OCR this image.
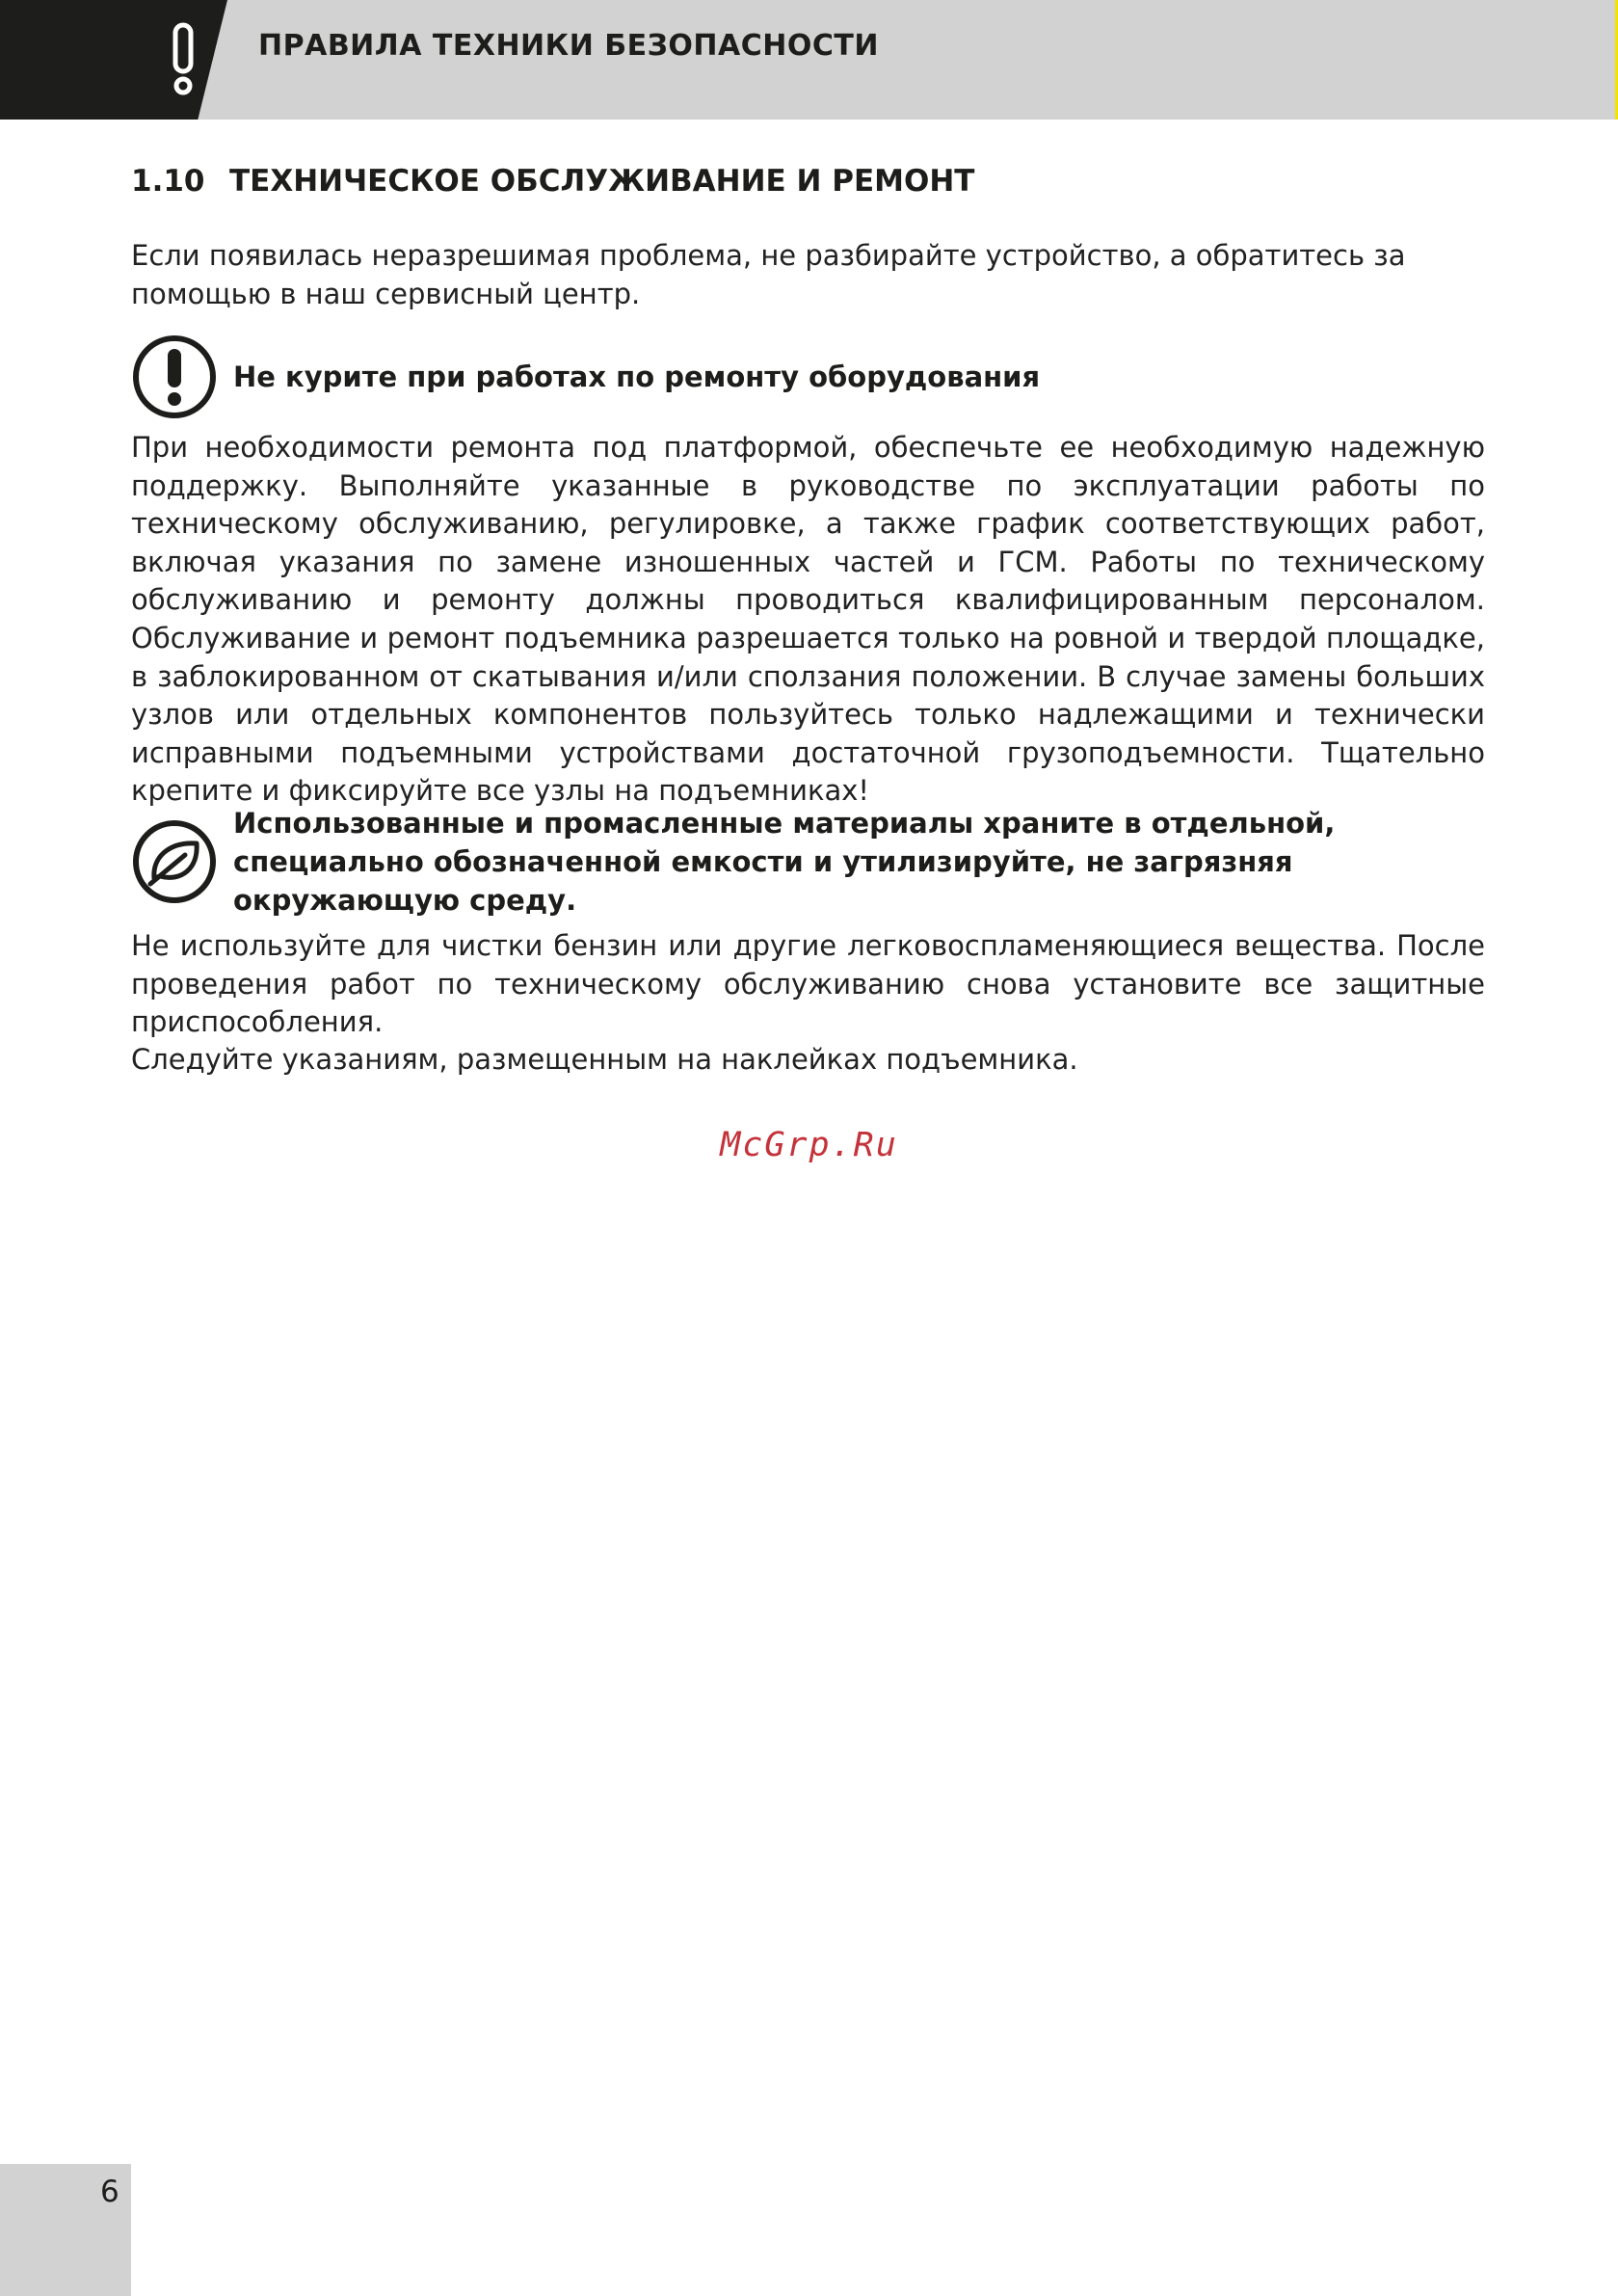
ПРАВИЛА ТЕХНИКИ БЕЗОПАСНОСТИ
1.10 ТЕХНИЧЕСКОЕ ОБСЛУЖИВАНИЕ И РЕМОНТ

Если появилась неразрешимая проблема, не разбирайте устройство, а обратитесь за помощью в наш сервисный центр.

Не курите при работах по ремонту оборудования

При необходимости ремонта под платформой, обеспечьте ее необходимую надежную поддержку. Выполняйте указанные в руководстве по эксплуатации работы по техническому обслуживанию, регулировке, а также график соответствующих работ, включая указания по замене изношенных частей и ГСМ. Работы по техническому обслуживанию и ремонту должны проводиться квалифицированным персоналом. Обслуживание и ремонт подъемника разрешается только на ровной и твердой площадке, в заблокированном от скатывания и/или сползания положении. В случае замены больших узлов или отдельных компонентов пользуйтесь только надлежащими и технически исправными подъемными устройствами достаточной грузоподъемности. Тщательно крепите и фиксируйте все узлы на подъемниках!

Использованные и промасленные материалы храните в отдельной, специально обозначенной емкости и утилизируйте, не загрязняя окружающую среду.

Не используйте для чистки бензин или другие легковоспламеняющиеся вещества. После проведения работ по техническому обслуживанию снова установите все защитные приспособления.

Следуйте указаниям, размещенным на наклейках подъемника.

McGrp.Ru
6
